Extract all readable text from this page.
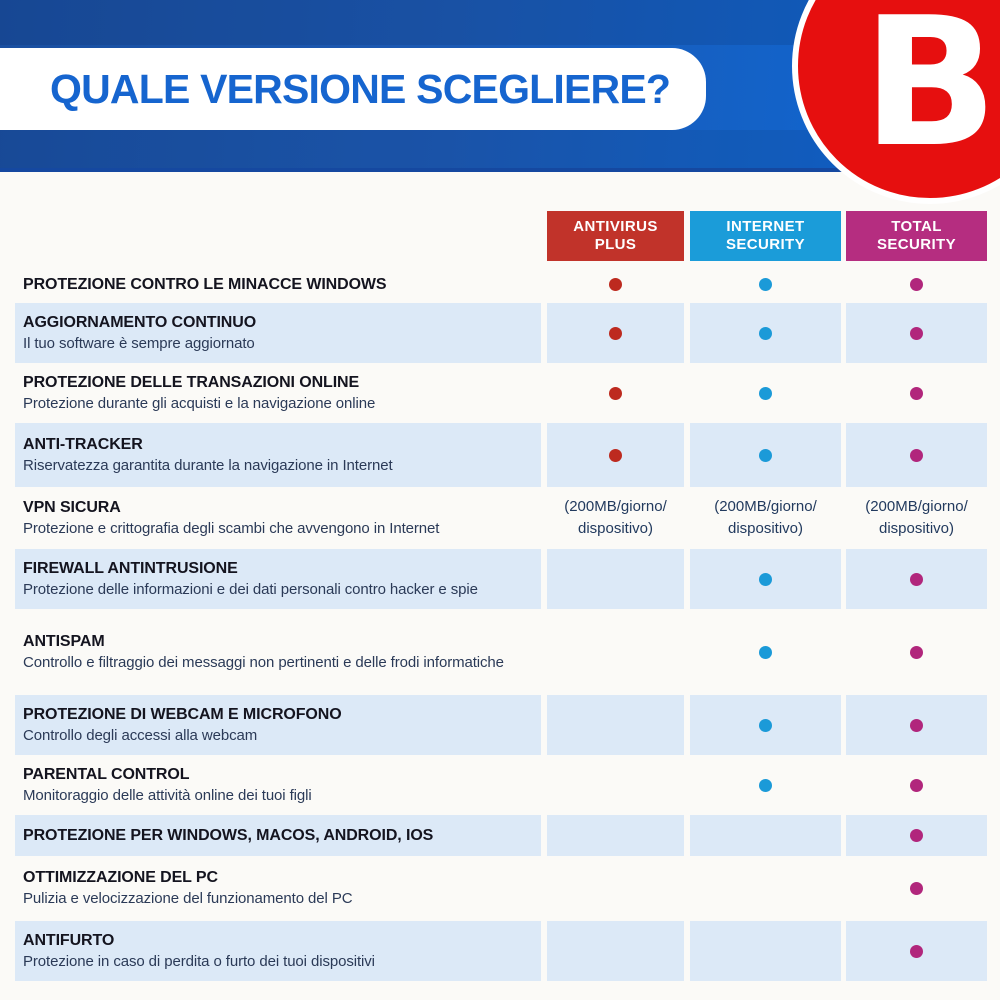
QUALE VERSIONE SCEGLIERE? B
ANTIVIRUS
PLUS
INTERNET
SECURITY
TOTAL
SECURITY
PROTEZIONE CONTRO LE MINACCE WINDOWS
AGGIORNAMENTO CONTINUO
Il tuo software è sempre aggiornato
PROTEZIONE DELLE TRANSAZIONI ONLINE
Protezione durante gli acquisti e la navigazione online
ANTI-TRACKER
Riservatezza garantita durante la navigazione in Internet
VPN SICURA
Protezione e crittografia degli scambi che avvengono in Internet
(200MB/giorno/
dispositivo)
(200MB/giorno/
dispositivo)
(200MB/giorno/
dispositivo)
FIREWALL ANTINTRUSIONE
Protezione delle informazioni e dei dati personali contro hacker e spie
ANTISPAM
Controllo e filtraggio dei messaggi non pertinenti e delle frodi informatiche
PROTEZIONE DI WEBCAM E MICROFONO
Controllo degli accessi alla webcam
PARENTAL CONTROL
Monitoraggio delle attività online dei tuoi figli
PROTEZIONE PER WINDOWS, MACOS, ANDROID, IOS
OTTIMIZZAZIONE DEL PC
Pulizia e velocizzazione del funzionamento del PC
ANTIFURTO
Protezione in caso di perdita o furto dei tuoi dispositivi
